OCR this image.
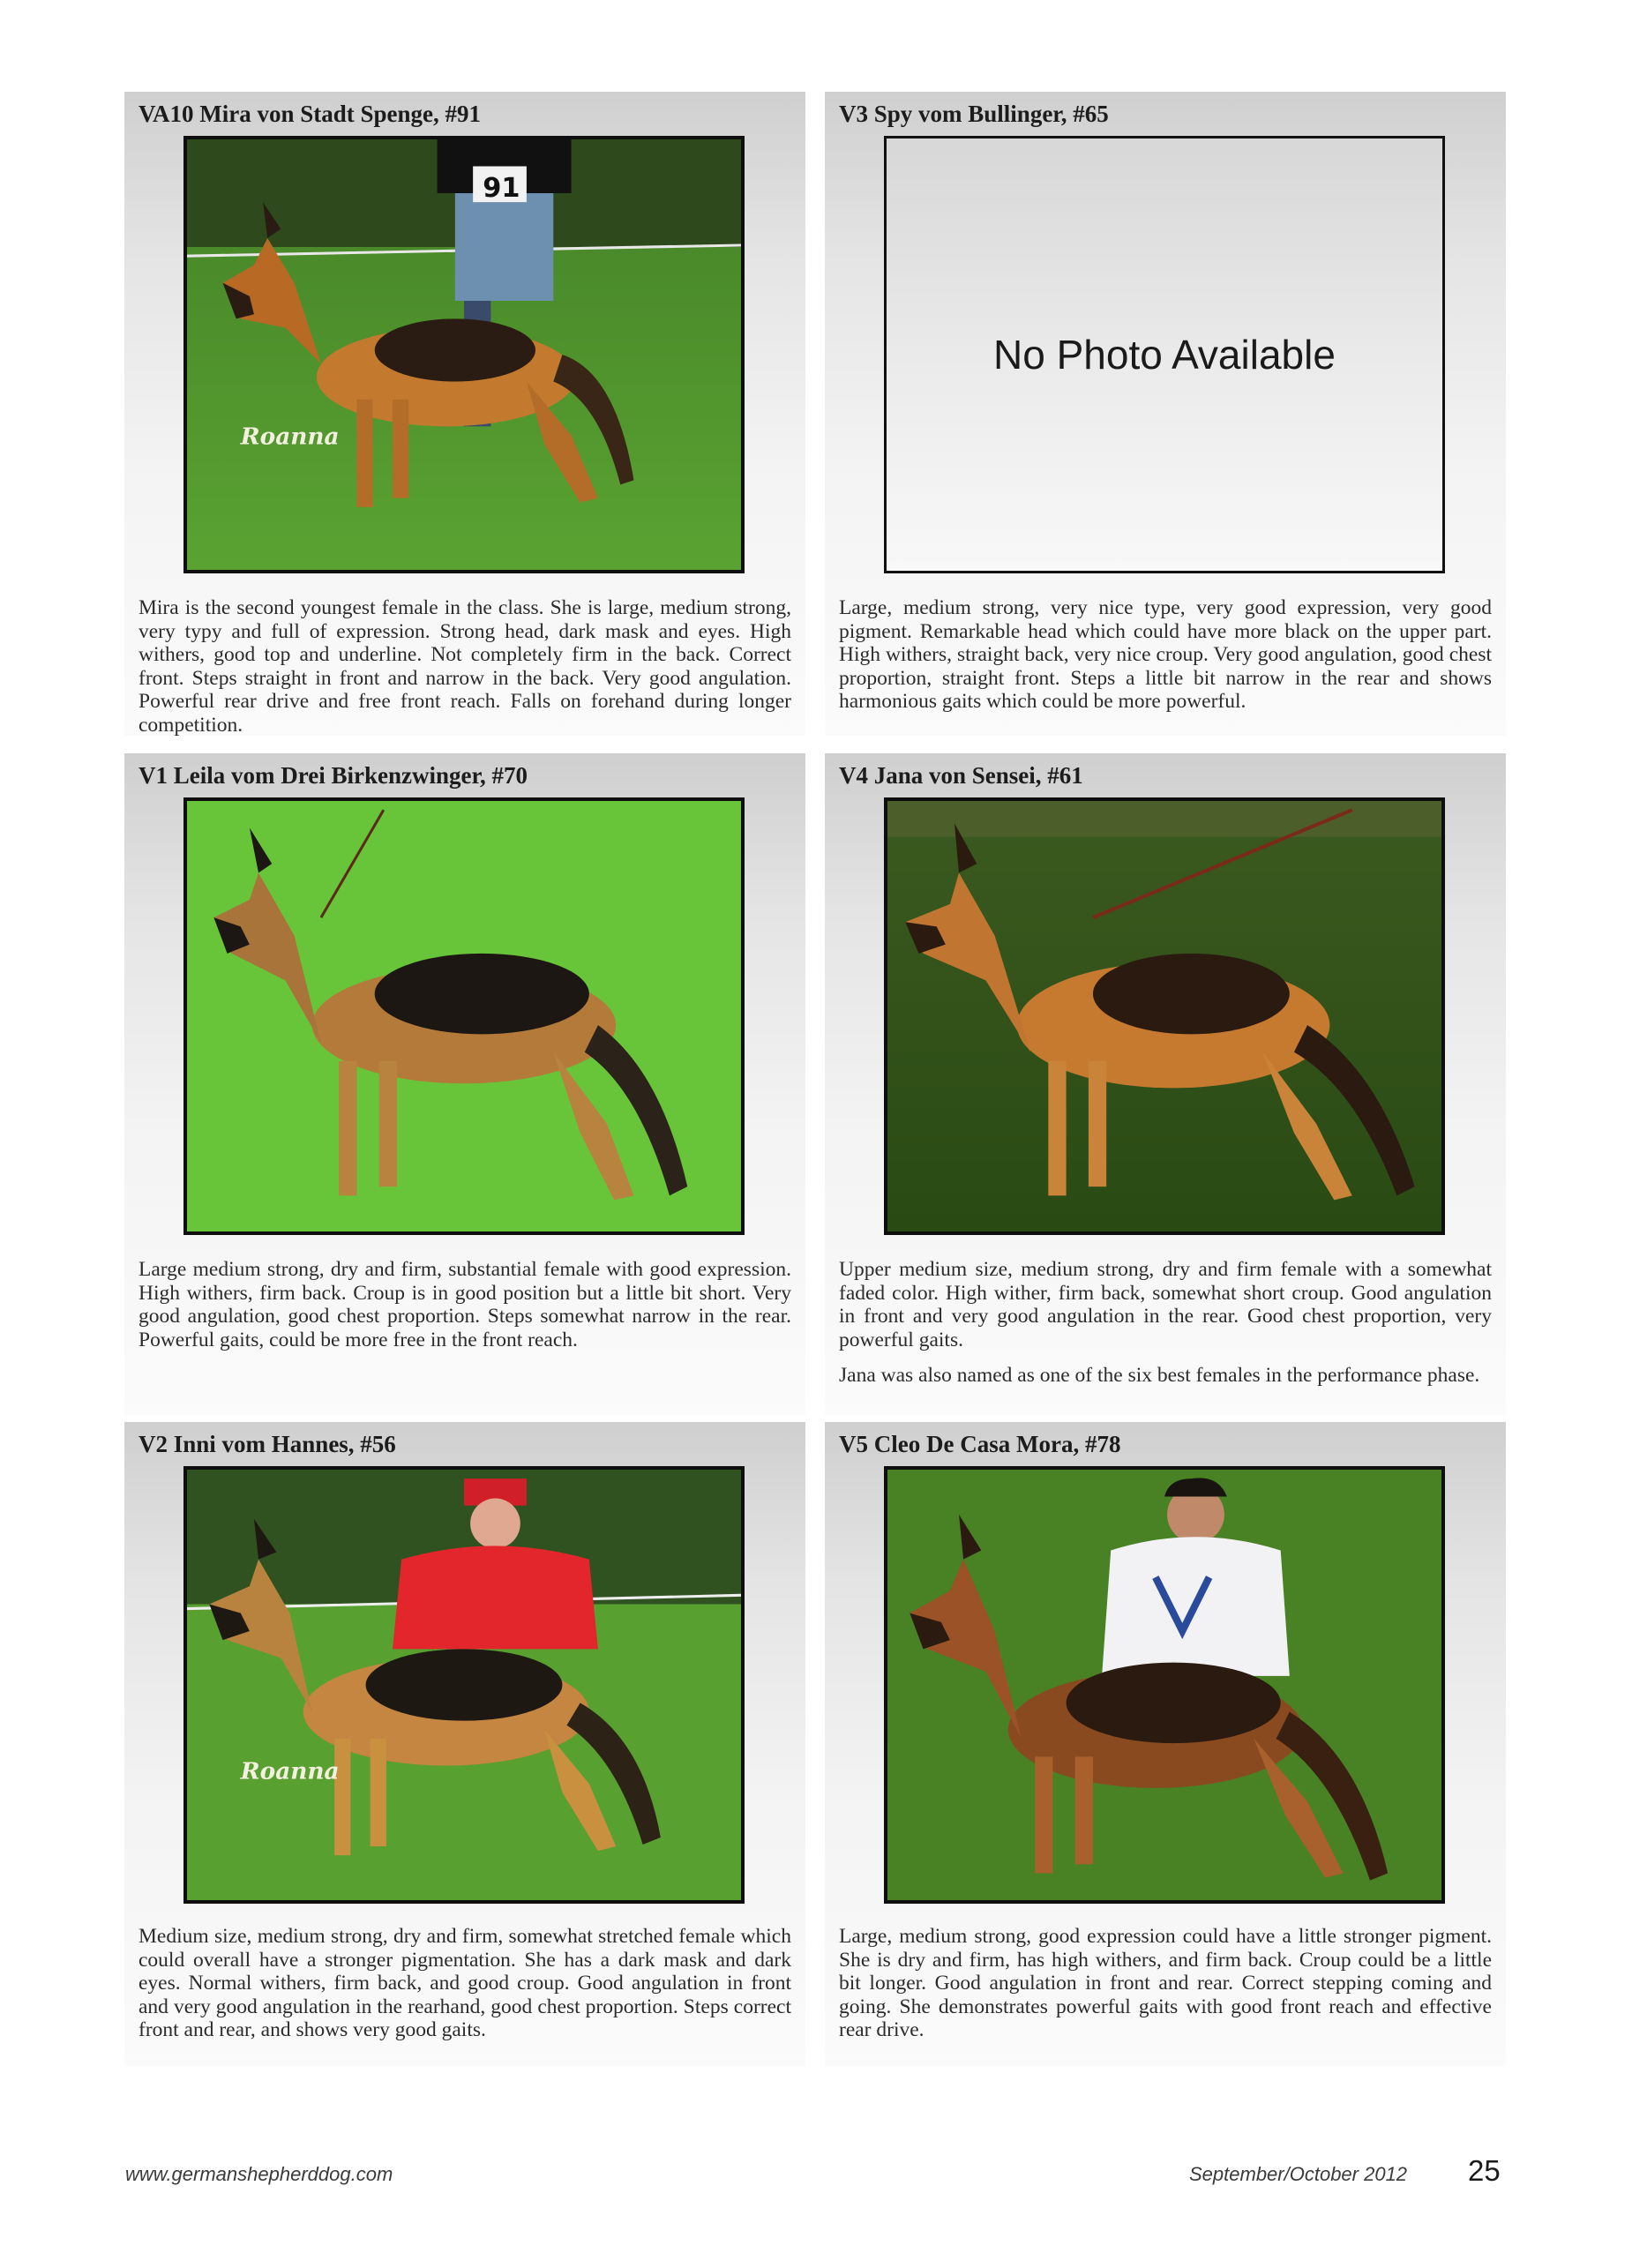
VA10 Mira von Stadt Spenge, #91
91
Roanna

Mira is the second youngest female in the class. She is large, medium strong, very typy and full of expression. Strong head, dark mask and eyes. High withers, good top and underline. Not completely firm in the back. Correct front. Steps straight in front and narrow in the back. Very good angulation. Powerful rear drive and free front reach. Falls on forehand during longer competition.

V3 Spy vom Bullinger, #65
No Photo Available

Large, medium strong, very nice type, very good expression, very good pigment. Remarkable head which could have more black on the upper part. High withers, straight back, very nice croup. Very good angulation, good chest proportion, straight front. Steps a little bit narrow in the rear and shows harmonious gaits which could be more powerful.

V1 Leila vom Drei Birkenzwinger, #70

Large medium strong, dry and firm, substantial female with good expression. High withers, firm back. Croup is in good position but a little bit short. Very good angulation, good chest proportion. Steps somewhat narrow in the rear. Powerful gaits, could be more free in the front reach.

V4 Jana von Sensei, #61

Upper medium size, medium strong, dry and firm female with a somewhat faded color. High wither, firm back, somewhat short croup. Good angulation in front and very good angulation in the rear. Good chest proportion, very powerful gaits.

Jana was also named as one of the six best females in the performance phase.

V2 Inni vom Hannes, #56
Roanna

Medium size, medium strong, dry and firm, somewhat stretched female which could overall have a stronger pigmentation. She has a dark mask and dark eyes. Normal withers, firm back, and good croup. Good angulation in front and very good angulation in the rearhand, good chest proportion. Steps correct front and rear, and shows very good gaits.

V5 Cleo De Casa Mora, #78

Large, medium strong, good expression could have a little stronger pigment. She is dry and firm, has high withers, and firm back. Croup could be a little bit longer. Good angulation in front and rear. Correct stepping coming and going. She demonstrates powerful gaits with good front reach and effective rear drive.

www.germanshepherddog.com	September/October 2012 25
